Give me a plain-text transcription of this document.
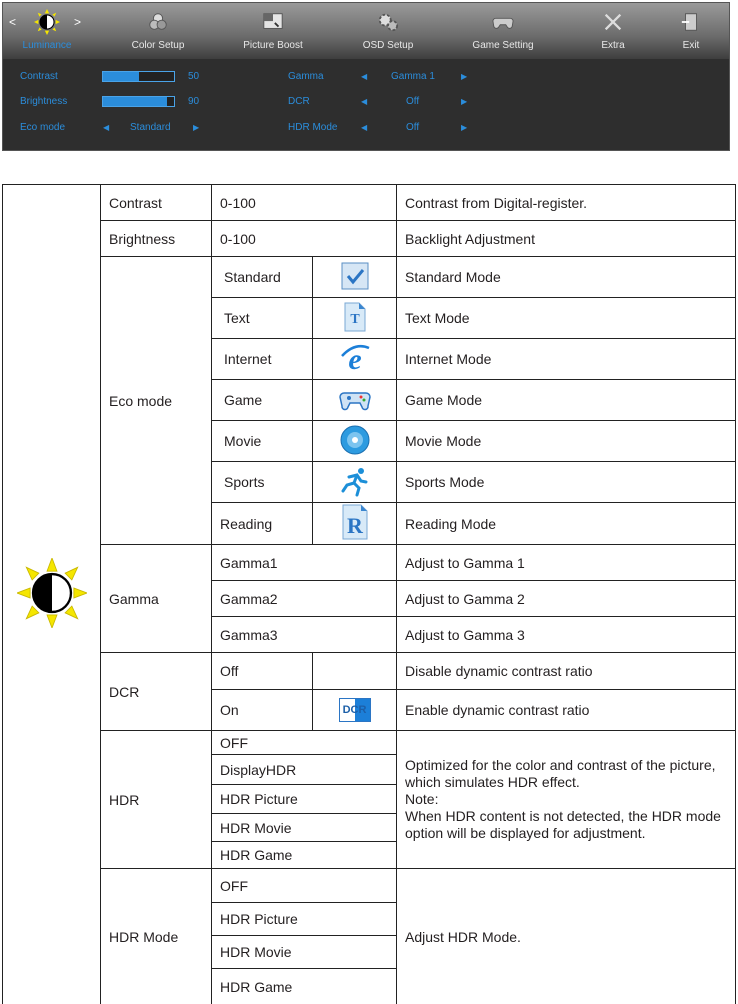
<	>
Luminance	Color Setup	Picture Boost	OSD Setup	Game Setting	Extra	Exit
Contrast	50
Brightness	90
Eco mode	◀ Standard	▶
Gamma	◀ Gamma 1	▶
DCR	◀	Off	▶
HDR Mode	◀	Off	▶
	Contrast	0-100		Contrast from Digital-register.
	Brightness	0-100		Backlight Adjustment
	Eco mode	Standard		Standard Mode
		Text	T	Text Mode
		Internet	e	Internet Mode
		Game		Game Mode
		Movie		Movie Mode
		Sports		Sports Mode
		Reading	R	Reading Mode
	Gamma	Gamma1		Adjust to Gamma 1
		Gamma2		Adjust to Gamma 2
		Gamma3		Adjust to Gamma 3
	DCR	Off		Disable dynamic contrast ratio
		On	DCR	Enable dynamic contrast ratio
	HDR	OFF		Optimized for the color and contrast of the picture, which simulates HDR effect.
Note:
When HDR content is not detected, the HDR mode option will be displayed for adjustment.

		DisplayHDR		
		HDR Picture		
		HDR Movie		
		HDR Game		
	HDR Mode	OFF		Adjust HDR Mode.
		HDR Picture		
		HDR Movie		
		HDR Game		
